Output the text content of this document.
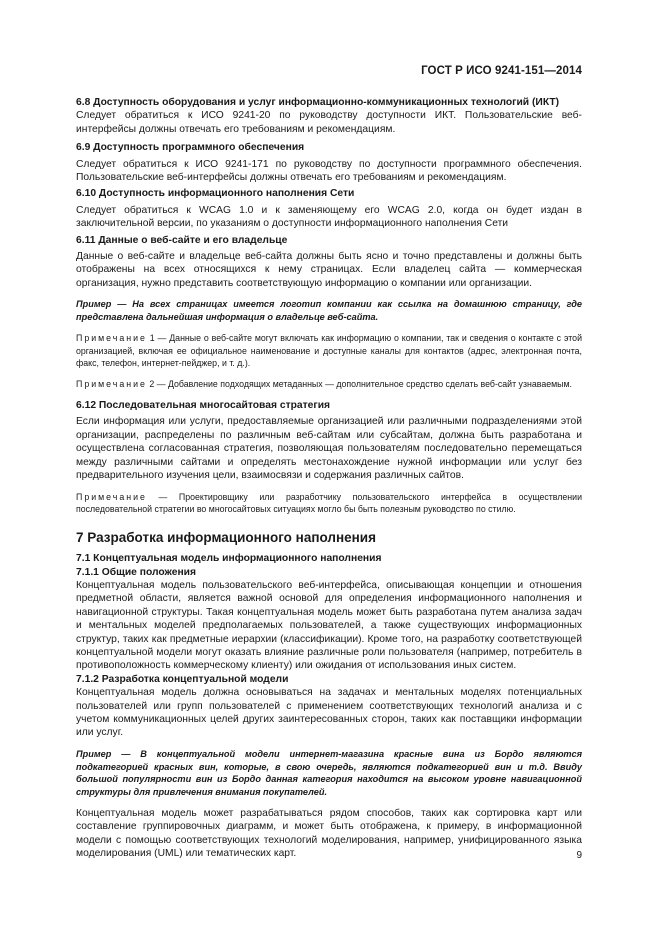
ГОСТ Р ИСО 9241-151—2014
6.8 Доступность оборудования и услуг информационно-коммуникационных технологий (ИКТ)

Следует обратиться к ИСО 9241-20 по руководству доступности ИКТ. Пользовательские веб-интерфейсы должны отвечать его требованиям и рекомендациям.

6.9 Доступность программного обеспечения

Следует обратиться к ИСО 9241-171 по руководству по доступности программного обеспечения. Пользовательские веб-интерфейсы должны отвечать его требованиям и рекомендациям.

6.10 Доступность информационного наполнения Сети

Следует обратиться к WCAG 1.0 и к заменяющему его WCAG 2.0, когда он будет издан в заключительной версии, по указаниям о доступности информационного наполнения Сети

6.11 Данные о веб-сайте и его владельце

Данные о веб-сайте и владельце веб-сайта должны быть ясно и точно представлены и должны быть отображены на всех относящихся к нему страницах. Если владелец сайта — коммерческая организация, нужно представить соответствующую информацию о компании или организации.

Пример — На всех страницах имеется логотип компании как ссылка на домашнюю страницу, где представлена дальнейшая информация о владельце веб-сайта.
Примечание 1 — Данные о веб-сайте могут включать как информацию о компании, так и сведения о контакте с этой организацией, включая ее официальное наименование и доступные каналы для контактов (адрес, электронная почта, факс, телефон, интернет-пейджер, и т. д.).
Примечание 2 — Добавление подходящих метаданных — дополнительное средство сделать веб-сайт узнаваемым.
6.12 Последовательная многосайтовая стратегия

Если информация или услуги, предоставляемые организацией или различными подразделениями этой организации, распределены по различным веб-сайтам или субсайтам, должна быть разработана и осуществлена согласованная стратегия, позволяющая пользователям последовательно перемещаться между различными сайтами и определять местонахождение нужной информации или услуг без предварительного изучения цели, взаимосвязи и содержания различных сайтов.

Примечание — Проектировщику или разработчику пользовательского интерфейса в осуществлении последовательной стратегии во многосайтовых ситуациях могло бы быть полезным руководство по стилю.
7 Разработка информационного наполнения
7.1 Концептуальная модель информационного наполнения
7.1.1 Общие положения

Концептуальная модель пользовательского веб-интерфейса, описывающая концепции и отношения предметной области, является важной основой для определения информационного наполнения и навигационной структуры. Такая концептуальная модель может быть разработана путем анализа задач и ментальных моделей предполагаемых пользователей, а также существующих информационных структур, таких как предметные иерархии (классификации). Кроме того, на разработку соответствующей концептуальной модели могут оказать влияние различные роли пользователя (например, потребитель в противоположность коммерческому клиенту) или ожидания от использования иных систем.

7.1.2 Разработка концептуальной модели

Концептуальная модель должна основываться на задачах и ментальных моделях потенциальных пользователей или групп пользователей с применением соответствующих технологий анализа и с учетом коммуникационных целей других заинтересованных сторон, таких как поставщики информации или услуг.

Пример — В концептуальной модели интернет-магазина красные вина из Бордо являются подкатегорией красных вин, которые, в свою очередь, являются подкатегорией вин и т.д. Ввиду большой популярности вин из Бордо данная категория находится на высоком уровне навигационной структуры для привлечения внимания покупателей.

Концептуальная модель может разрабатываться рядом способов, таких как сортировка карт или составление группировочных диаграмм, и может быть отображена, к примеру, в информационной модели с помощью соответствующих технологий моделирования, например, унифицированного языка моделирования (UML) или тематических карт.	9
